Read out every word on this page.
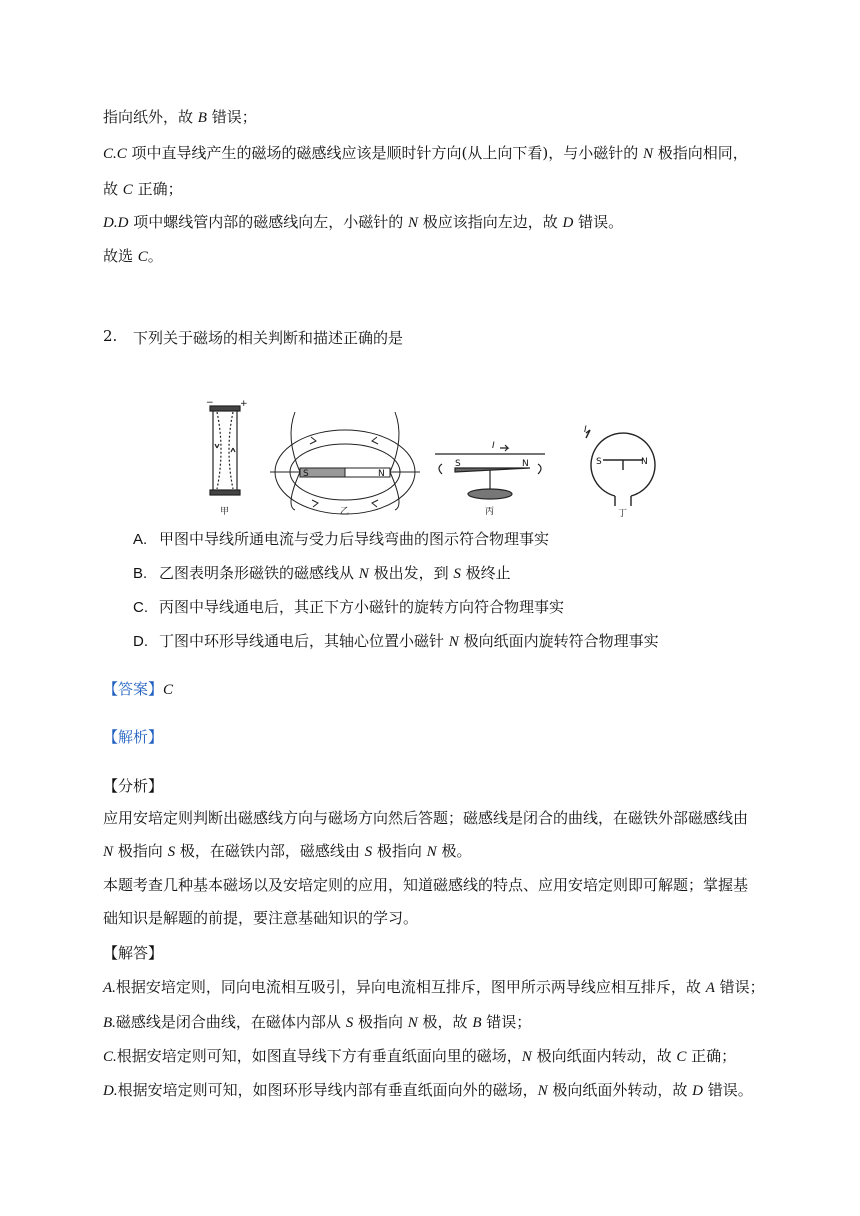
指向纸外，故 B 错误；
C.C 项中直导线产生的磁场的磁感线应该是顺时针方向(从上向下看)，与小磁针的 N 极指向相同，
故 C 正确；
D.D 项中螺线管内部的磁感线向左，小磁针的 N 极应该指向左边，故 D 错误。
故选 C。
2. 下列关于磁场的相关判断和描述正确的是
−	+
甲
S	N
乙
S	N
I
丙
S	N
I
丁
A. 甲图中导线所通电流与受力后导线弯曲的图示符合物理事实
B. 乙图表明条形磁铁的磁感线从 N 极出发，到 S 极终止
C. 丙图中导线通电后，其正下方小磁针的旋转方向符合物理事实
D. 丁图中环形导线通电后，其轴心位置小磁针 N 极向纸面内旋转符合物理事实
【答案】C
【解析】
【分析】
应用安培定则判断出磁感线方向与磁场方向然后答题；磁感线是闭合的曲线，在磁铁外部磁感线由
N 极指向 S 极，在磁铁内部，磁感线由 S 极指向 N 极。
本题考查几种基本磁场以及安培定则的应用，知道磁感线的特点、应用安培定则即可解题；掌握基
础知识是解题的前提，要注意基础知识的学习。
【解答】
A.根据安培定则，同向电流相互吸引，异向电流相互排斥，图甲所示两导线应相互排斥，故 A 错误；
B.磁感线是闭合曲线，在磁体内部从 S 极指向 N 极，故 B 错误；
C.根据安培定则可知，如图直导线下方有垂直纸面向里的磁场，N 极向纸面内转动，故 C 正确；
D.根据安培定则可知，如图环形导线内部有垂直纸面向外的磁场，N 极向纸面外转动，故 D 错误。
